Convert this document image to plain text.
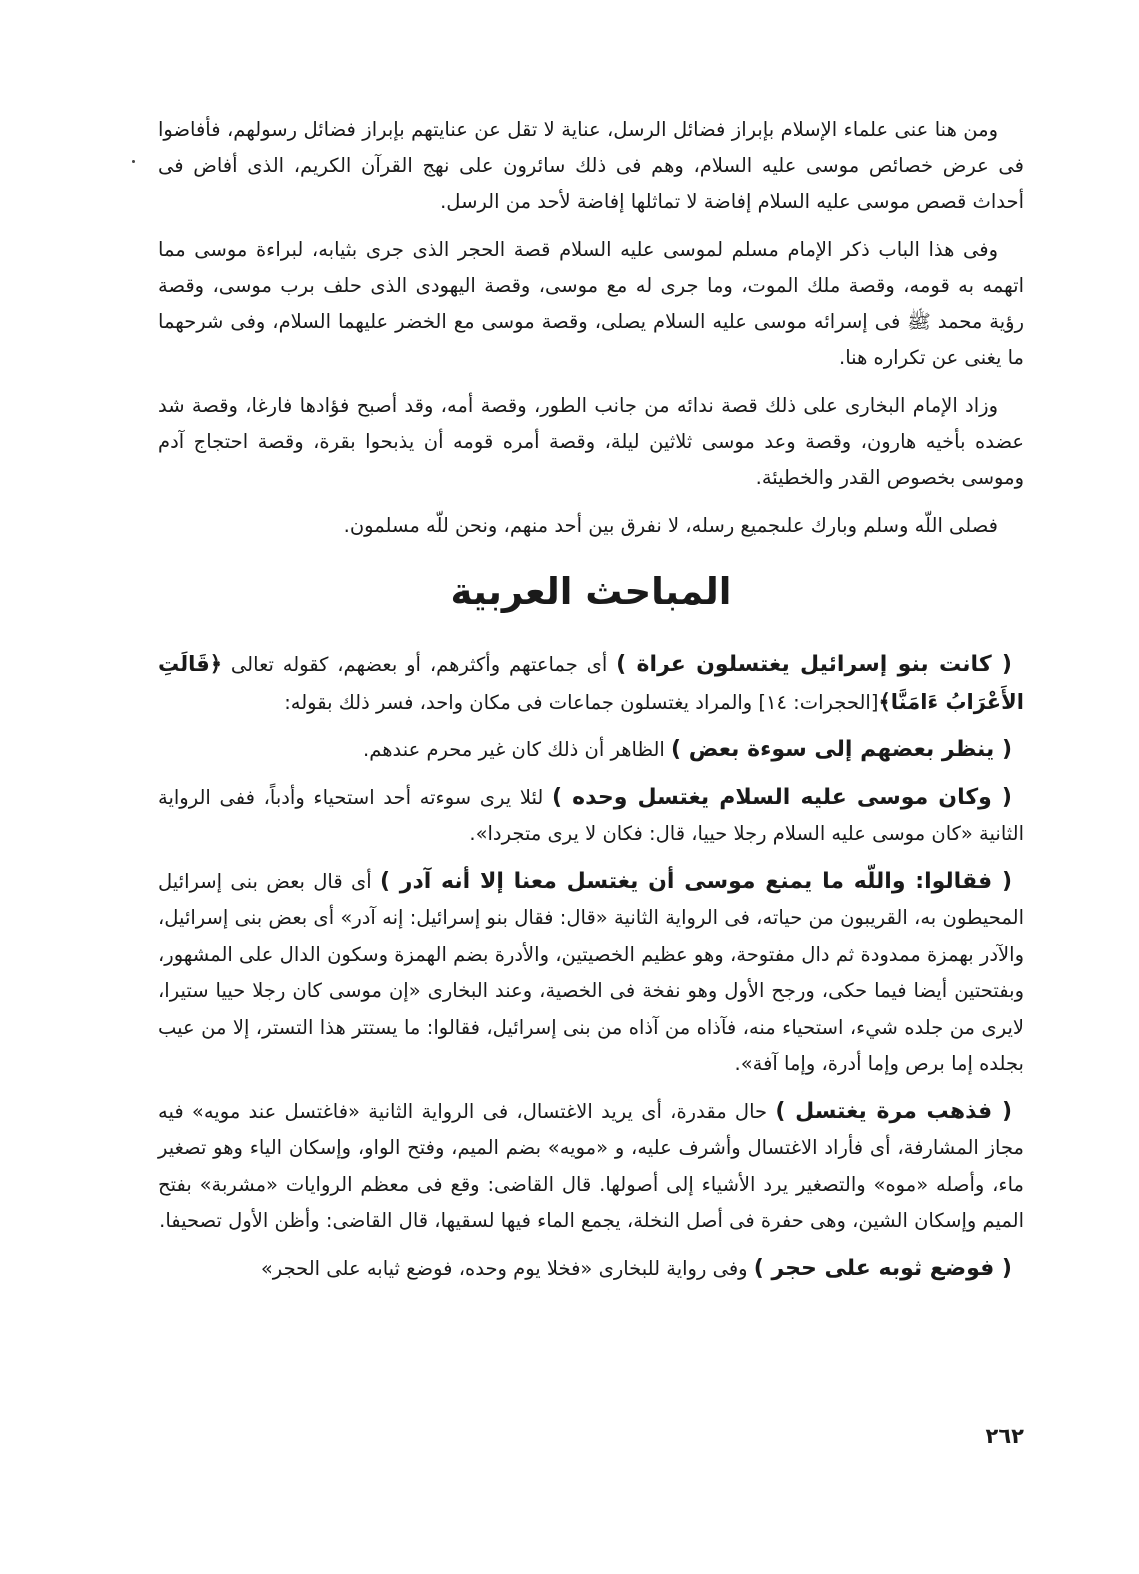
ومن هنا عنى علماء الإسلام بإبراز فضائل الرسل، عناية لا تقل عن عنايتهم بإبراز فضائل رسولهم، فأفاضوا فى عرض خصائص موسى عليه السلام، وهم فى ذلك سائرون على نهج القرآن الكريم، الذى أفاض فى أحداث قصص موسى عليه السلام إفاضة لا تماثلها إفاضة لأحد من الرسل.

وفى هذا الباب ذكر الإمام مسلم لموسى عليه السلام قصة الحجر الذى جرى بثيابه، لبراءة موسى مما اتهمه به قومه، وقصة ملك الموت، وما جرى له مع موسى، وقصة اليهودى الذى حلف برب موسى، وقصة رؤية محمد ﷺ فى إسرائه موسى عليه السلام يصلى، وقصة موسى مع الخضر عليهما السلام، وفى شرحهما ما يغنى عن تكراره هنا.

وزاد الإمام البخارى على ذلك قصة ندائه من جانب الطور، وقصة أمه، وقد أصبح فؤادها فارغا، وقصة شد عضده بأخيه هارون، وقصة وعد موسى ثلاثين ليلة، وقصة أمره قومه أن يذبحوا بقرة، وقصة احتجاج آدم وموسى بخصوص القدر والخطيئة.

فصلى اللّه وسلم وبارك علىجميع رسله، لا نفرق بين أحد منهم، ونحن للّه مسلمون.

المباحث العربية

( كانت بنو إسرائيل يغتسلون عراة ) أى جماعتهم وأكثرهم، أو بعضهم، كقوله تعالى ﴿قَالَتِ الأَعْرَابُ ءَامَنَّا﴾[الحجرات: ١٤] والمراد يغتسلون جماعات فى مكان واحد، فسر ذلك بقوله:

( ينظر بعضهم إلى سوءة بعض ) الظاهر أن ذلك كان غير محرم عندهم.

( وكان موسى عليه السلام يغتسل وحده ) لئلا يرى سوءته أحد استحياء وأدباً، ففى الرواية الثانية «كان موسى عليه السلام رجلا حييا، قال: فكان لا يرى متجردا».

( فقالوا: واللّه ما يمنع موسى أن يغتسل معنا إلا أنه آدر ) أى قال بعض بنى إسرائيل المحيطون به، القريبون من حياته، فى الرواية الثانية «قال: فقال بنو إسرائيل: إنه آدر» أى بعض بنى إسرائيل، والآدر بهمزة ممدودة ثم دال مفتوحة، وهو عظيم الخصيتين، والأدرة بضم الهمزة وسكون الدال على المشهور، وبفتحتين أيضا فيما حكى، ورجح الأول وهو نفخة فى الخصية، وعند البخارى «إن موسى كان رجلا حييا ستيرا، لايرى من جلده شيء، استحياء منه، فآذاه من آذاه من بنى إسرائيل، فقالوا: ما يستتر هذا التستر، إلا من عيب بجلده إما برص وإما أدرة، وإما آفة».

( فذهب مرة يغتسل ) حال مقدرة، أى يريد الاغتسال، فى الرواية الثانية «فاغتسل عند مويه» فيه مجاز المشارفة، أى فأراد الاغتسال وأشرف عليه، و «مويه» بضم الميم، وفتح الواو، وإسكان الياء وهو تصغير ماء، وأصله «موه» والتصغير يرد الأشياء إلى أصولها. قال القاضى: وقع فى معظم الروايات «مشربة» بفتح الميم وإسكان الشين، وهى حفرة فى أصل النخلة، يجمع الماء فيها لسقيها، قال القاضى: وأظن الأول تصحيفا.

( فوضع ثوبه على حجر ) وفى رواية للبخارى «فخلا يوم وحده، فوضع ثيابه على الحجر»

٢٦٢
